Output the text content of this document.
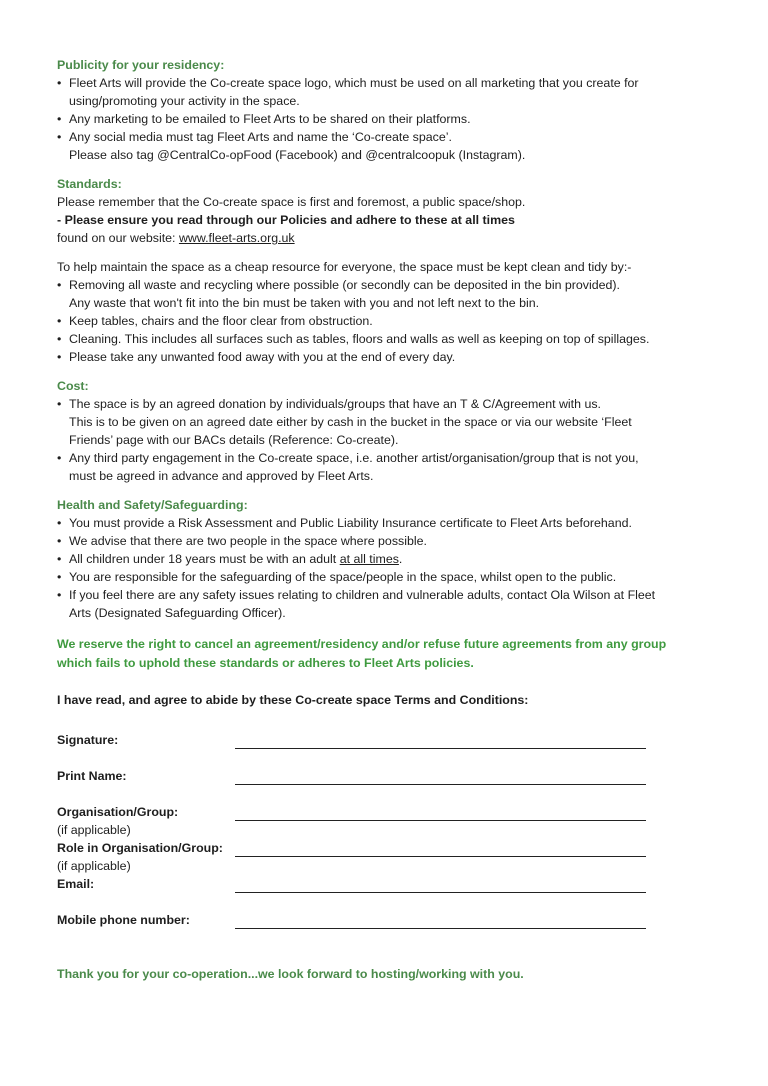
Publicity for your residency:
• Fleet Arts will provide the Co-create space logo, which must be used on all marketing that you create for
using/promoting your activity in the space.
• Any marketing to be emailed to Fleet Arts to be shared on their platforms.
• Any social media must tag Fleet Arts and name the ‘Co-create space’.
Please also tag @CentralCo-opFood (Facebook) and @centralcoopuk (Instagram).
Standards:
Please remember that the Co-create space is first and foremost, a public space/shop.
- Please ensure you read through our Policies and adhere to these at all times
found on our website: www.fleet-arts.org.uk
To help maintain the space as a cheap resource for everyone, the space must be kept clean and tidy by:-
• Removing all waste and recycling where possible (or secondly can be deposited in the bin provided).
Any waste that won't fit into the bin must be taken with you and not left next to the bin.
• Keep tables, chairs and the floor clear from obstruction.
• Cleaning. This includes all surfaces such as tables, floors and walls as well as keeping on top of spillages.
• Please take any unwanted food away with you at the end of every day.
Cost:
• The space is by an agreed donation by individuals/groups that have an T & C/Agreement with us.
This is to be given on an agreed date either by cash in the bucket in the space or via our website ‘Fleet
Friends’ page with our BACs details (Reference: Co-create).
• Any third party engagement in the Co-create space, i.e. another artist/organisation/group that is not you,
must be agreed in advance and approved by Fleet Arts.
Health and Safety/Safeguarding:
• You must provide a Risk Assessment and Public Liability Insurance certificate to Fleet Arts beforehand.
• We advise that there are two people in the space where possible.
• All children under 18 years must be with an adult at all times.
• You are responsible for the safeguarding of the space/people in the space, whilst open to the public.
• If you feel there are any safety issues relating to children and vulnerable adults, contact Ola Wilson at Fleet
Arts (Designated Safeguarding Officer).
We reserve the right to cancel an agreement/residency and/or refuse future agreements from any group
which fails to uphold these standards or adheres to Fleet Arts policies.
I have read, and agree to abide by these Co-create space Terms and Conditions:
Signature:
Print Name:
Organisation/Group:
(if applicable)
Role in Organisation/Group:
(if applicable)
Email:
Mobile phone number:
Thank you for your co-operation...we look forward to hosting/working with you.
